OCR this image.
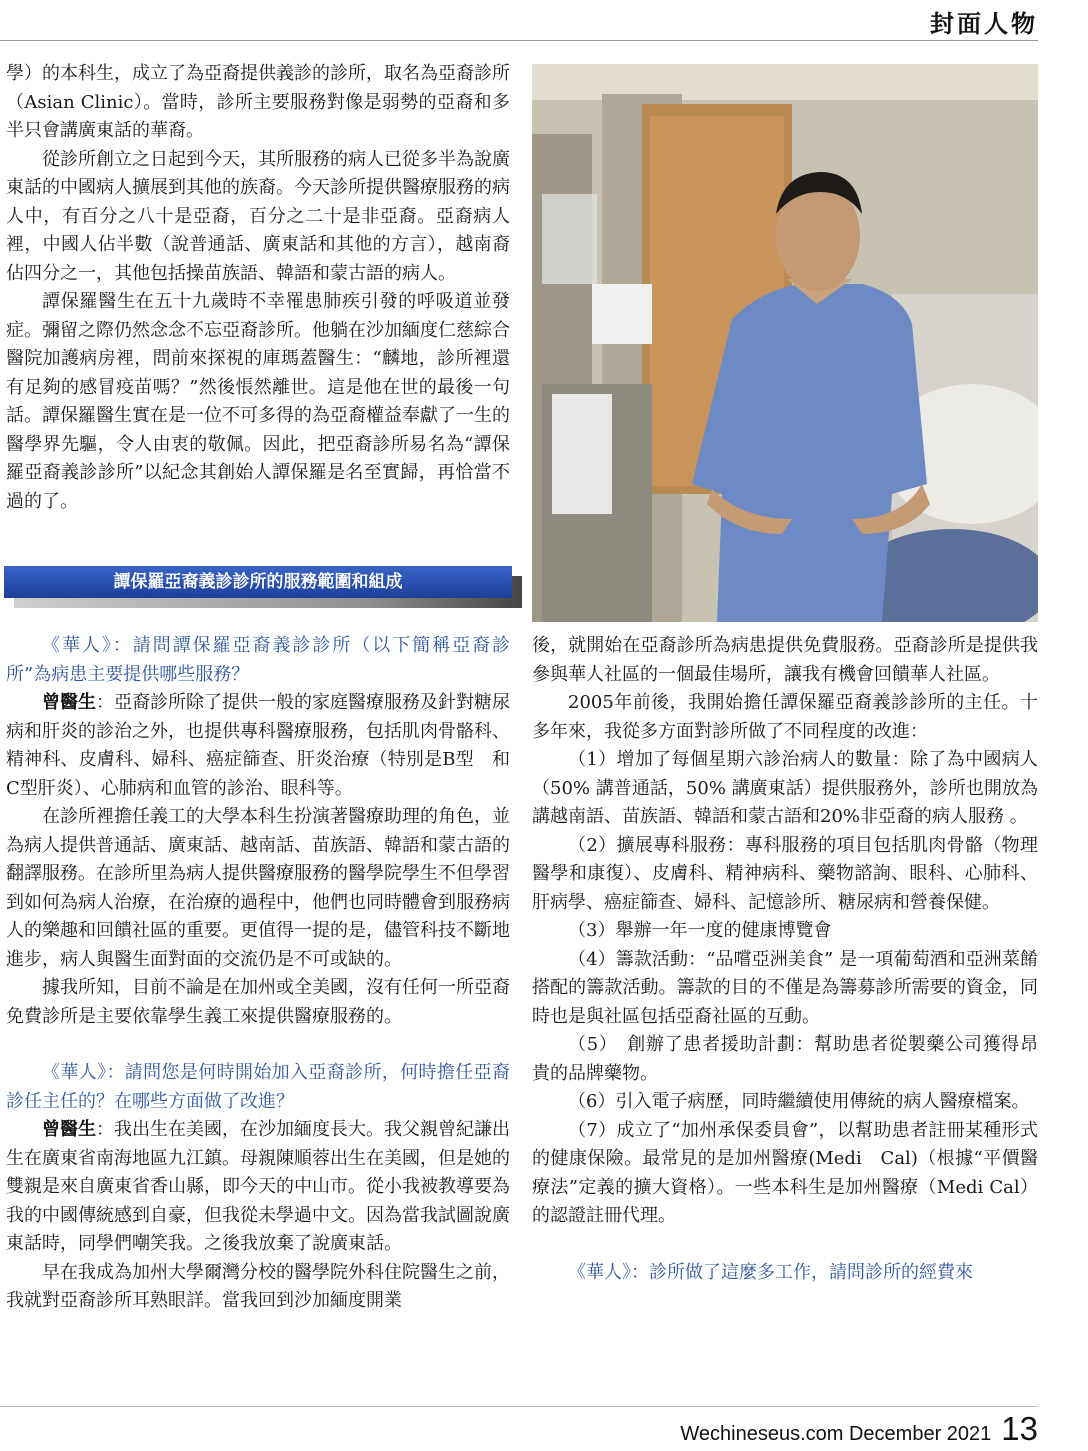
封面人物

學）的本科生，成立了為亞裔提供義診的診所，取名為亞裔診所（Asian Clinic）。當時，診所主要服務對像是弱勢的亞裔和多半只會講廣東話的華裔。

從診所創立之日起到今天，其所服務的病人已從多半為說廣東話的中國病人擴展到其他的族裔。今天診所提供醫療服務的病人中，有百分之八十是亞裔，百分之二十是非亞裔。亞裔病人裡，中國人佔半數（說普通話、廣東話和其他的方言），越南裔佔四分之一，其他包括操苗族語、韓語和蒙古語的病人。

譚保羅醫生在五十九歲時不幸罹患肺疾引發的呼吸道並發症。彌留之際仍然念念不忘亞裔診所。他躺在沙加緬度仁慈綜合醫院加護病房裡，問前來探視的庫瑪蓋醫生：“麟地，診所裡還有足夠的感冒疫苗嗎？”然後悵然離世。這是他在世的最後一句話。譚保羅醫生實在是一位不可多得的為亞裔權益奉獻了一生的醫學界先驅，令人由衷的敬佩。因此，把亞裔診所易名為“譚保羅亞裔義診診所”以紀念其創始人譚保羅是名至實歸，再恰當不過的了。

譚保羅亞裔義診診所的服務範圍和組成

《華人》：請問譚保羅亞裔義診診所（以下簡稱亞裔診所”為病患主要提供哪些服務？

曾醫生：亞裔診所除了提供一般的家庭醫療服務及針對糖尿病和肝炎的診治之外，也提供專科醫療服務，包括肌肉骨骼科、精神科、皮膚科、婦科、癌症篩查、肝炎治療（特別是B型　和C型肝炎）、心肺病和血管的診治、眼科等。

在診所裡擔任義工的大學本科生扮演著醫療助理的角色，並為病人提供普通話、廣東話、越南話、苗族語、韓語和蒙古語的翻譯服務。在診所里為病人提供醫療服務的醫學院學生不但學習到如何為病人治療，在治療的過程中，他們也同時體會到服務病人的樂趣和回饋社區的重要。更值得一提的是，儘管科技不斷地進步，病人與醫生面對面的交流仍是不可或缺的。

據我所知，目前不論是在加州或全美國，沒有任何一所亞裔免費診所是主要依靠學生義工來提供醫療服務的。

《華人》：請問您是何時開始加入亞裔診所，何時擔任亞裔診任主任的？在哪些方面做了改進？

曾醫生：我出生在美國，在沙加緬度長大。我父親曾紀謙出生在廣東省南海地區九江鎮。母親陳順蓉出生在美國，但是她的雙親是來自廣東省香山縣，即今天的中山市。從小我被教導要為我的中國傳統感到自豪，但我從未學過中文。因為當我試圖說廣東話時，同學們嘲笑我。之後我放棄了說廣東話。

早在我成為加州大學爾灣分校的醫學院外科住院醫生之前，我就對亞裔診所耳熟眼詳。當我回到沙加緬度開業

後，就開始在亞裔診所為病患提供免費服務。亞裔診所是提供我參與華人社區的一個最佳場所，讓我有機會回饋華人社區。

2005年前後，我開始擔任譚保羅亞裔義診診所的主任。十多年來，我從多方面對診所做了不同程度的改進：

（1）增加了每個星期六診治病人的數量：除了為中國病人（50% 講普通話，50% 講廣東話）提供服務外，診所也開放為講越南語、苗族語、韓語和蒙古語和20%非亞裔的病人服務 。

（2）擴展專科服務：專科服務的項目包括肌肉骨骼（物理醫學和康復）、皮膚科、精神病科、藥物諮詢、眼科、心肺科、肝病學、癌症篩查、婦科、記憶診所、糖尿病和營養保健。

（3）舉辦一年一度的健康博覽會

（4）籌款活動：“品嚐亞洲美食” 是一項葡萄酒和亞洲菜餚搭配的籌款活動。籌款的目的不僅是為籌募診所需要的資金，同時也是與社區包括亞裔社區的互動。

（5）　創辦了患者援助計劃：幫助患者從製藥公司獲得昂貴的品牌藥物。

（6）引入電子病歷，同時繼續使用傳統的病人醫療檔案。

（7）成立了“加州承保委員會”，以幫助患者註冊某種形式的健康保險。最常見的是加州醫療(Medi　Cal)（根據“平價醫療法”定義的擴大資格）。一些本科生是加州醫療（Medi Cal）的認證註冊代理。

《華人》：診所做了這麼多工作，請問診所的經費來

Wechineseus.com December 2021 13
